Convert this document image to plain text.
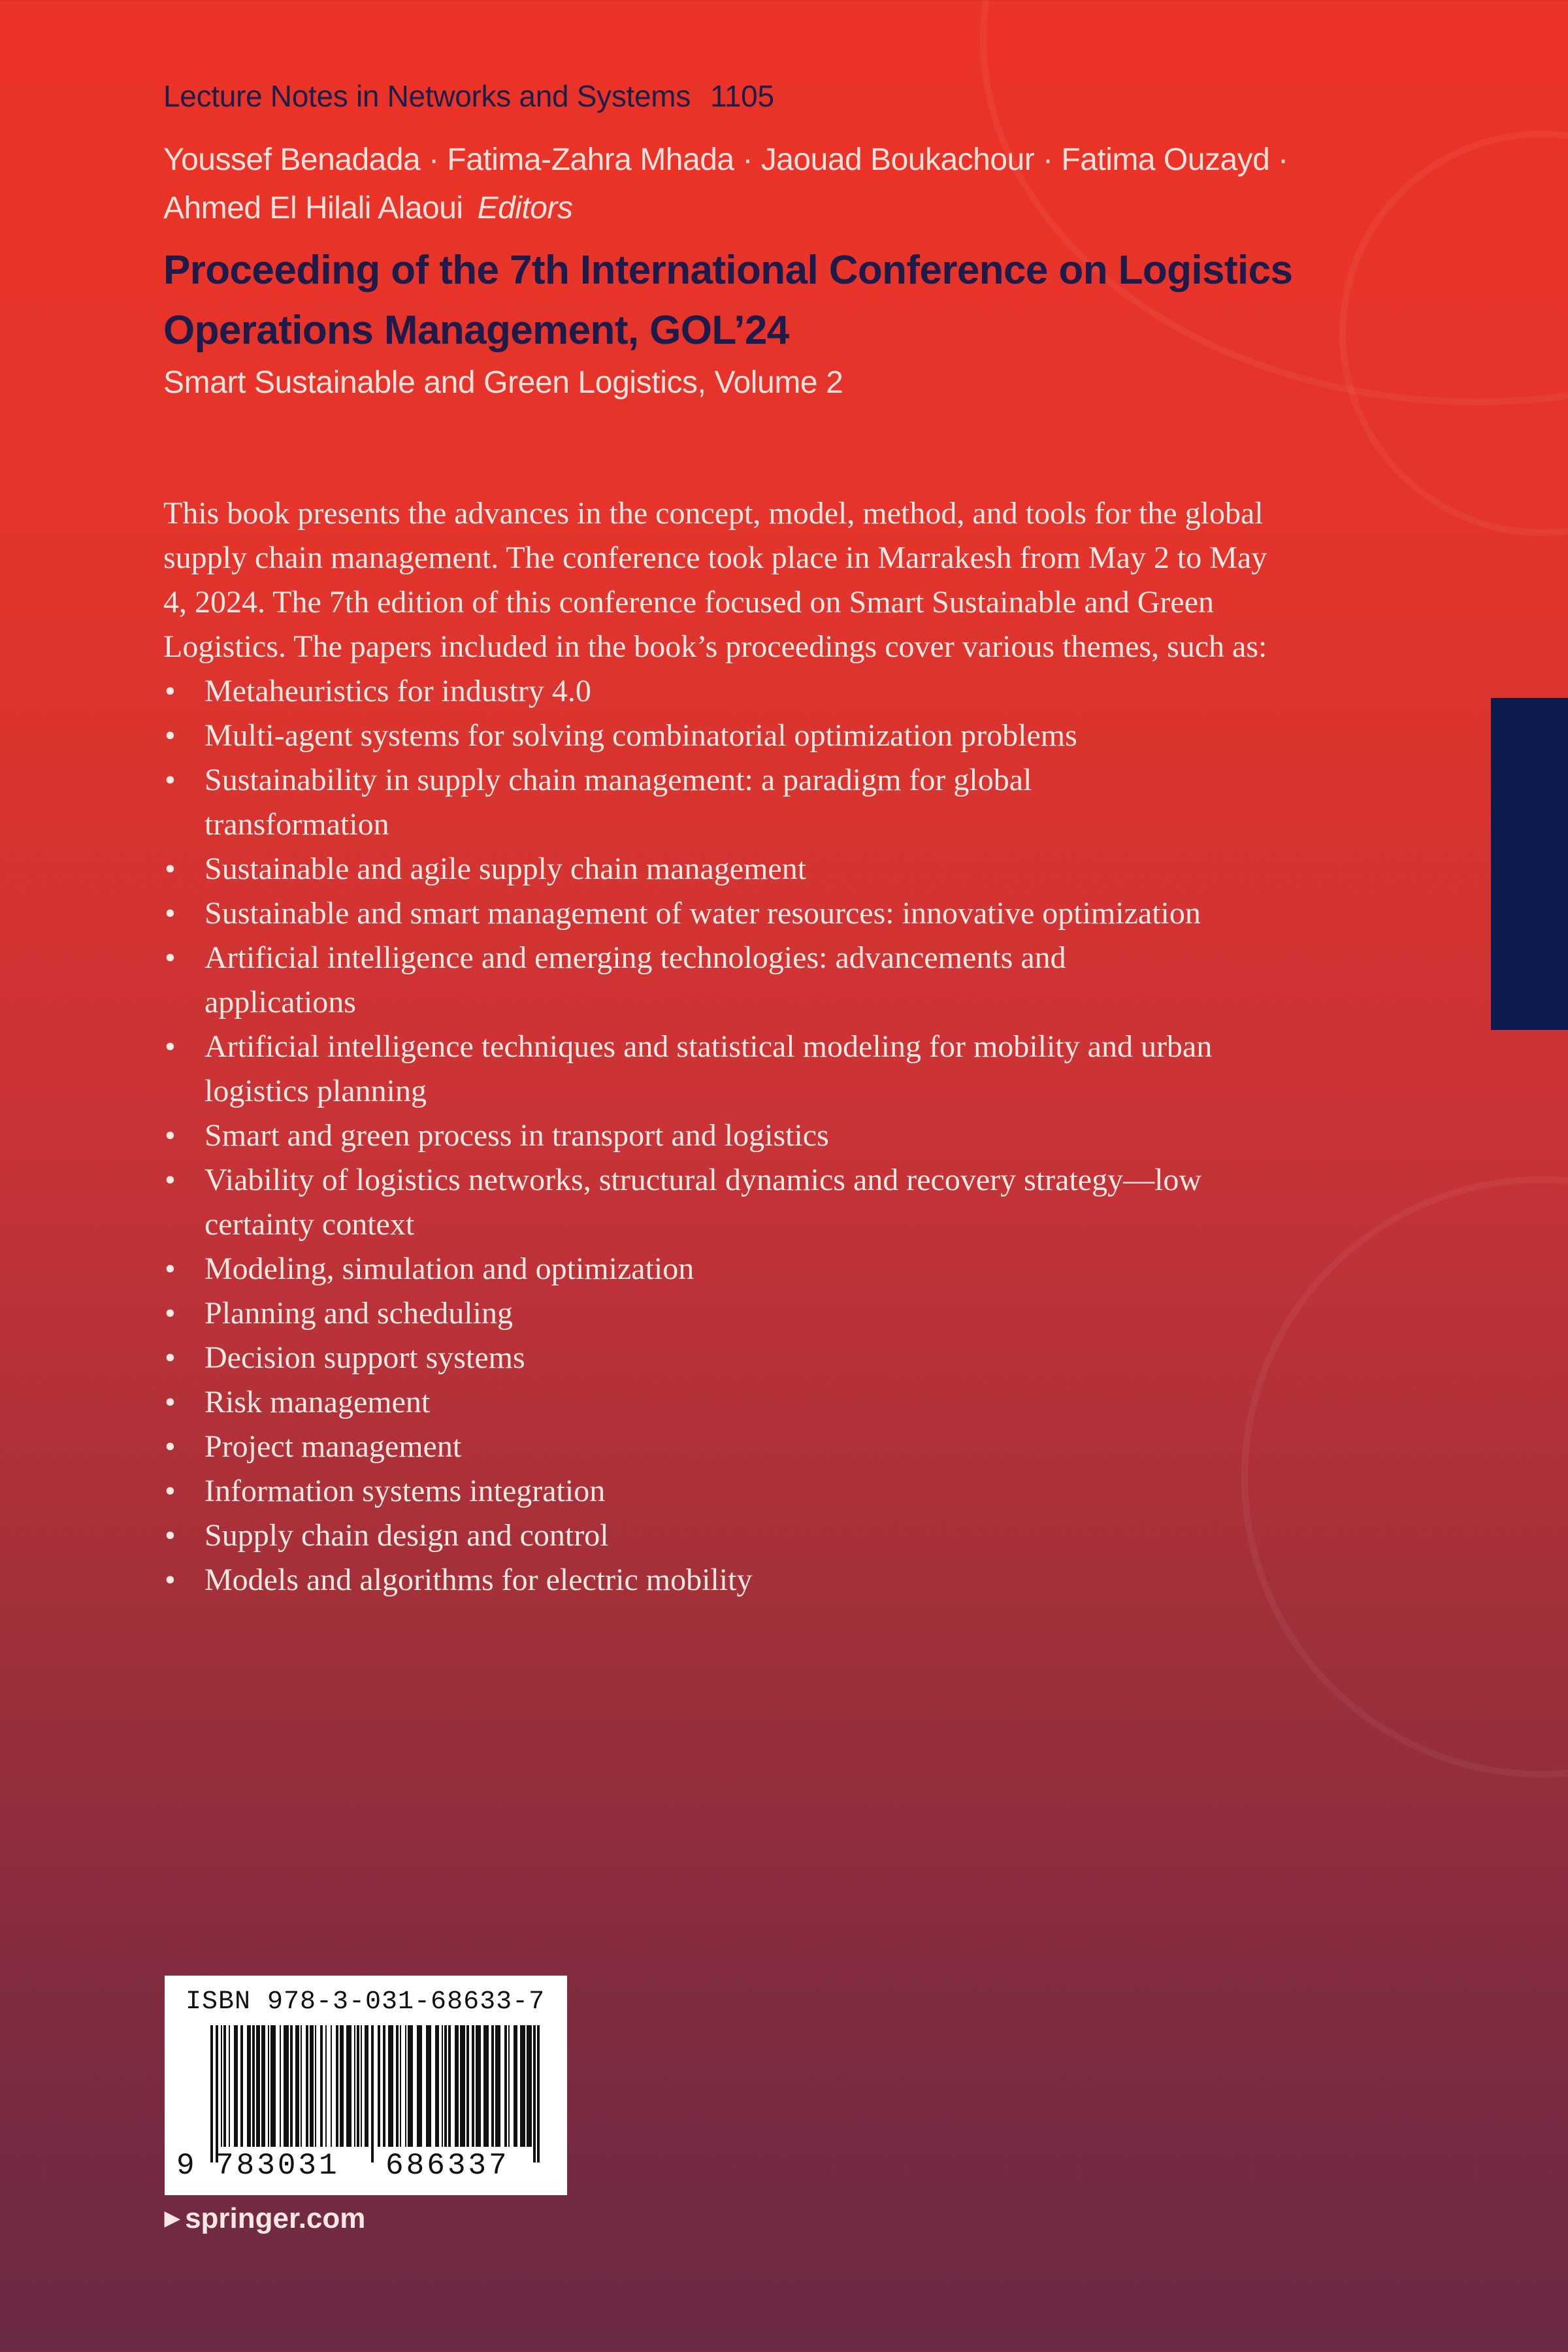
Lecture Notes in Networks and Systems 1105
Youssef Benadada · Fatima-Zahra Mhada · Jaouad Boukachour · Fatima Ouzayd ·
Ahmed El Hilali Alaoui Editors
Proceeding of the 7th International Conference on Logistics
Operations Management, GOL’24
Smart Sustainable and Green Logistics, Volume 2
This book presents the advances in the concept, model, method, and tools for the global
supply chain management. The conference took place in Marrakesh from May 2 to May
4, 2024. The 7th edition of this conference focused on Smart Sustainable and Green
Logistics. The papers included in the book’s proceedings cover various themes, such as:
• Metaheuristics for industry 4.0
• Multi-agent systems for solving combinatorial optimization problems
• Sustainability in supply chain management: a paradigm for global
transformation
• Sustainable and agile supply chain management
• Sustainable and smart management of water resources: innovative optimization
• Artificial intelligence and emerging technologies: advancements and
applications
• Artificial intelligence techniques and statistical modeling for mobility and urban
logistics planning
• Smart and green process in transport and logistics
• Viability of logistics networks, structural dynamics and recovery strategy—low
certainty context
• Modeling, simulation and optimization
• Planning and scheduling
• Decision support systems
• Risk management
• Project management
• Information systems integration
• Supply chain design and control
• Models and algorithms for electric mobility
ISBN 978-3-031-68633-7
9 783031 686337
▶ springer.com
